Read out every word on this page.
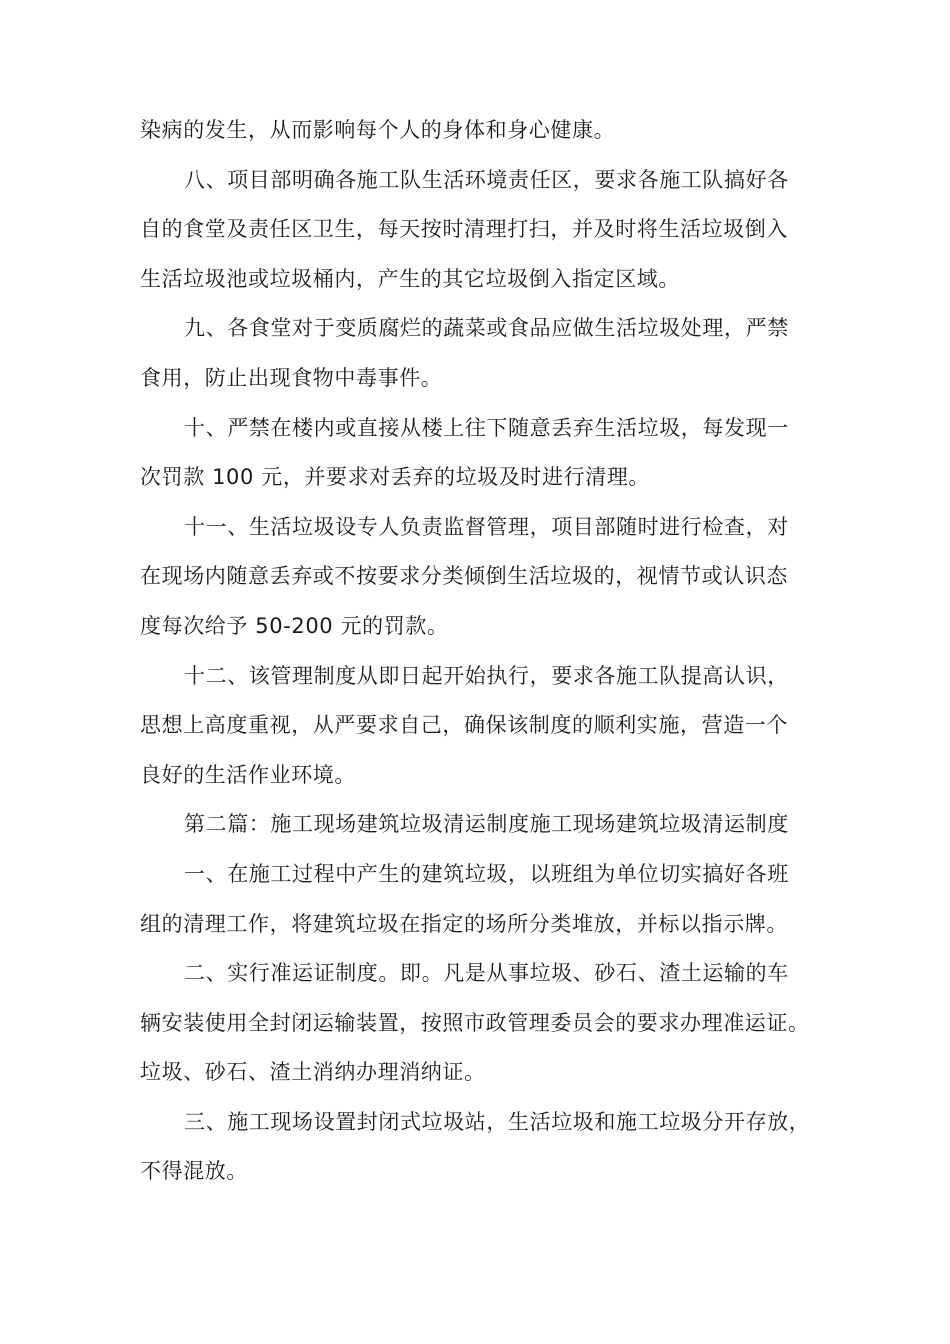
染病的发生，从而影响每个人的身体和身心健康。
八、项目部明确各施工队生活环境责任区，要求各施工队搞好各
自的食堂及责任区卫生，每天按时清理打扫，并及时将生活垃圾倒入
生活垃圾池或垃圾桶内，产生的其它垃圾倒入指定区域。
九、各食堂对于变质腐烂的蔬菜或食品应做生活垃圾处理，严禁
食用，防止出现食物中毒事件。
十、严禁在楼内或直接从楼上往下随意丢弃生活垃圾，每发现一
次罚款 100 元，并要求对丢弃的垃圾及时进行清理。
十一、生活垃圾设专人负责监督管理，项目部随时进行检查，对
在现场内随意丢弃或不按要求分类倾倒生活垃圾的，视情节或认识态
度每次给予 50-200 元的罚款。
十二、该管理制度从即日起开始执行，要求各施工队提高认识，
思想上高度重视，从严要求自己，确保该制度的顺利实施，营造一个
良好的生活作业环境。
第二篇：施工现场建筑垃圾清运制度施工现场建筑垃圾清运制度
一、在施工过程中产生的建筑垃圾，以班组为单位切实搞好各班
组的清理工作，将建筑垃圾在指定的场所分类堆放，并标以指示牌。
二、实行准运证制度。即。凡是从事垃圾、砂石、渣土运输的车
辆安装使用全封闭运输装置，按照市政管理委员会的要求办理准运证。
垃圾、砂石、渣土消纳办理消纳证。
三、施工现场设置封闭式垃圾站，生活垃圾和施工垃圾分开存放，
不得混放。
